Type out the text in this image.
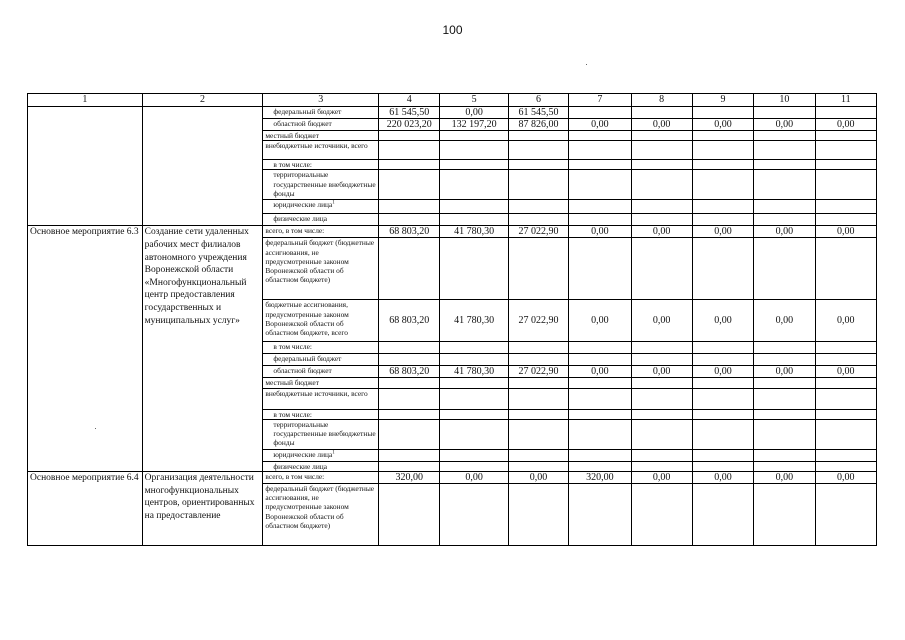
100
1	2	3	4	5	6	7	8	9	10	11
		федеральный бюджет	61 545,50	0,00	61 545,50					
		областной бюджет	220 023,20	132 197,20	87 826,00	0,00	0,00	0,00	0,00	0,00
		местный бюджет								
		внебюджетные источники, всего								
		в том числе:								
		территориальные государственные внебюджетные фонды								
		юридические лица$^1$								
		физические лица								
Основное мероприятие 6.3	Создание сети удаленных рабочих мест филиалов автономного учреждения Воронежской области «Многофункциональный центр предоставления государственных и муниципальных услуг»	всего, в том числе:	68 803,20	41 780,30	27 022,90	0,00	0,00	0,00	0,00	0,00
		федеральный бюджет (бюджетные ассигнования, не предусмотренные законом Воронежской области об областном бюджете)								
		бюджетные ассигнования, предусмотренные законом Воронежской области об областном бюджете, всего	68 803,20	41 780,30	27 022,90	0,00	0,00	0,00	0,00	0,00
		в том числе:								
		федеральный бюджет								
		областной бюджет	68 803,20	41 780,30	27 022,90	0,00	0,00	0,00	0,00	0,00
		местный бюджет								
		внебюджетные источники, всего								
		в том числе:								
		территориальные государственные внебюджетные фонды								
		юридические лица$^1$								
		физические лица								
Основное мероприятие 6.4	Организация деятельности многофункциональных центров, ориентированных на предоставление	всего, в том числе:	320,00	0,00	0,00	320,00	0,00	0,00	0,00	0,00
		федеральный бюджет (бюджетные ассигнования, не предусмотренные законом Воронежской области об областном бюджете)								
